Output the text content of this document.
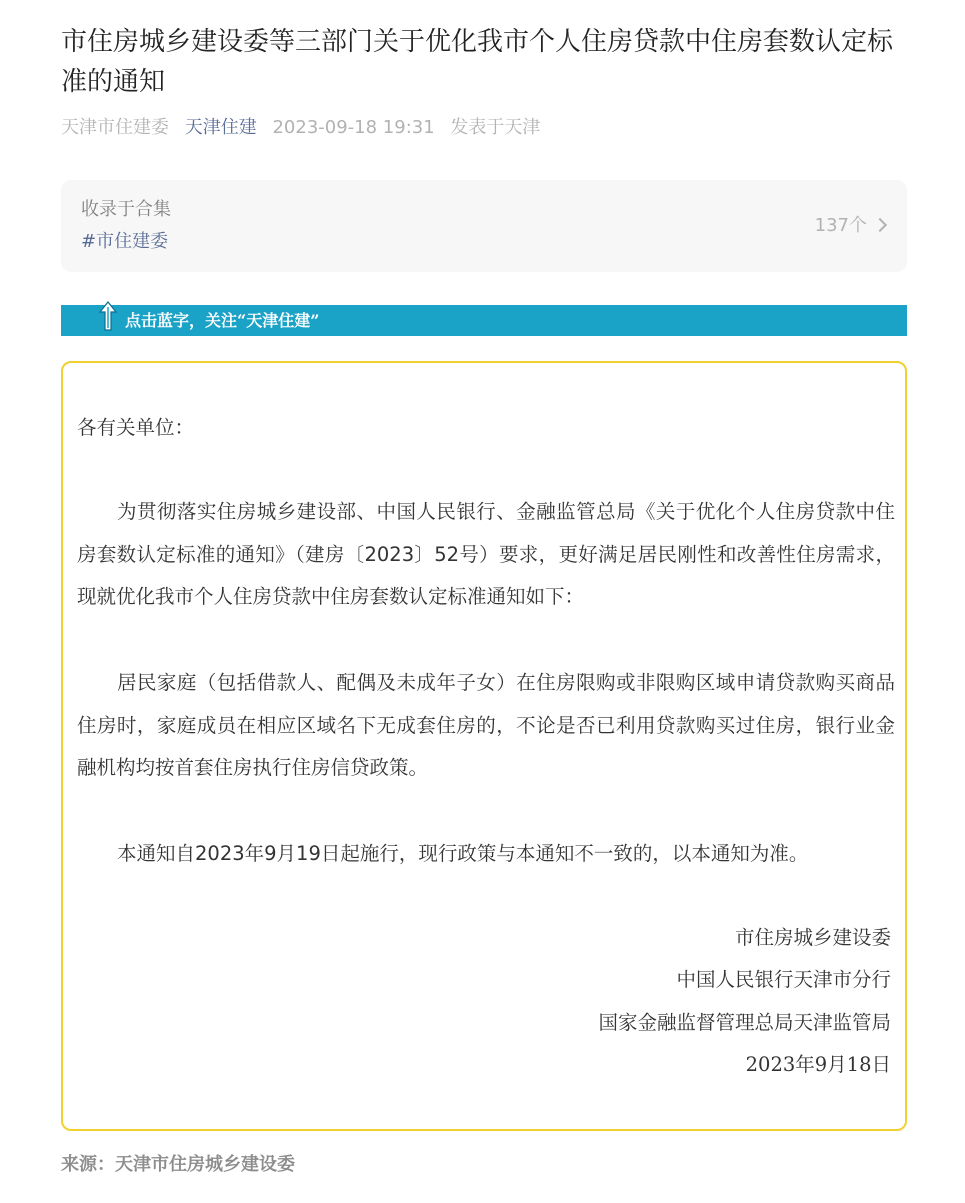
市住房城乡建设委等三部门关于优化我市个人住房贷款中住房套数认定标准的通知
天津市住建委 天津住建 2023-09-18 19:31 发表于天津
收录于合集
#市住建委
137个
点击蓝字，关注“天津住建”

各有关单位：

为贯彻落实住房城乡建设部、中国人民银行、金融监管总局《关于优化个人住房贷款中住房套数认定标准的通知》（建房〔2023〕52号）要求，更好满足居民刚性和改善性住房需求，现就优化我市个人住房贷款中住房套数认定标准通知如下：

居民家庭（包括借款人、配偶及未成年子女）在住房限购或非限购区域申请贷款购买商品住房时，家庭成员在相应区域名下无成套住房的，不论是否已利用贷款购买过住房，银行业金融机构均按首套住房执行住房信贷政策。

本通知自2023年9月19日起施行，现行政策与本通知不一致的，以本通知为准。

市住房城乡建设委

中国人民银行天津市分行

国家金融监督管理总局天津监管局

2023年9月18日

来源：天津市住房城乡建设委
